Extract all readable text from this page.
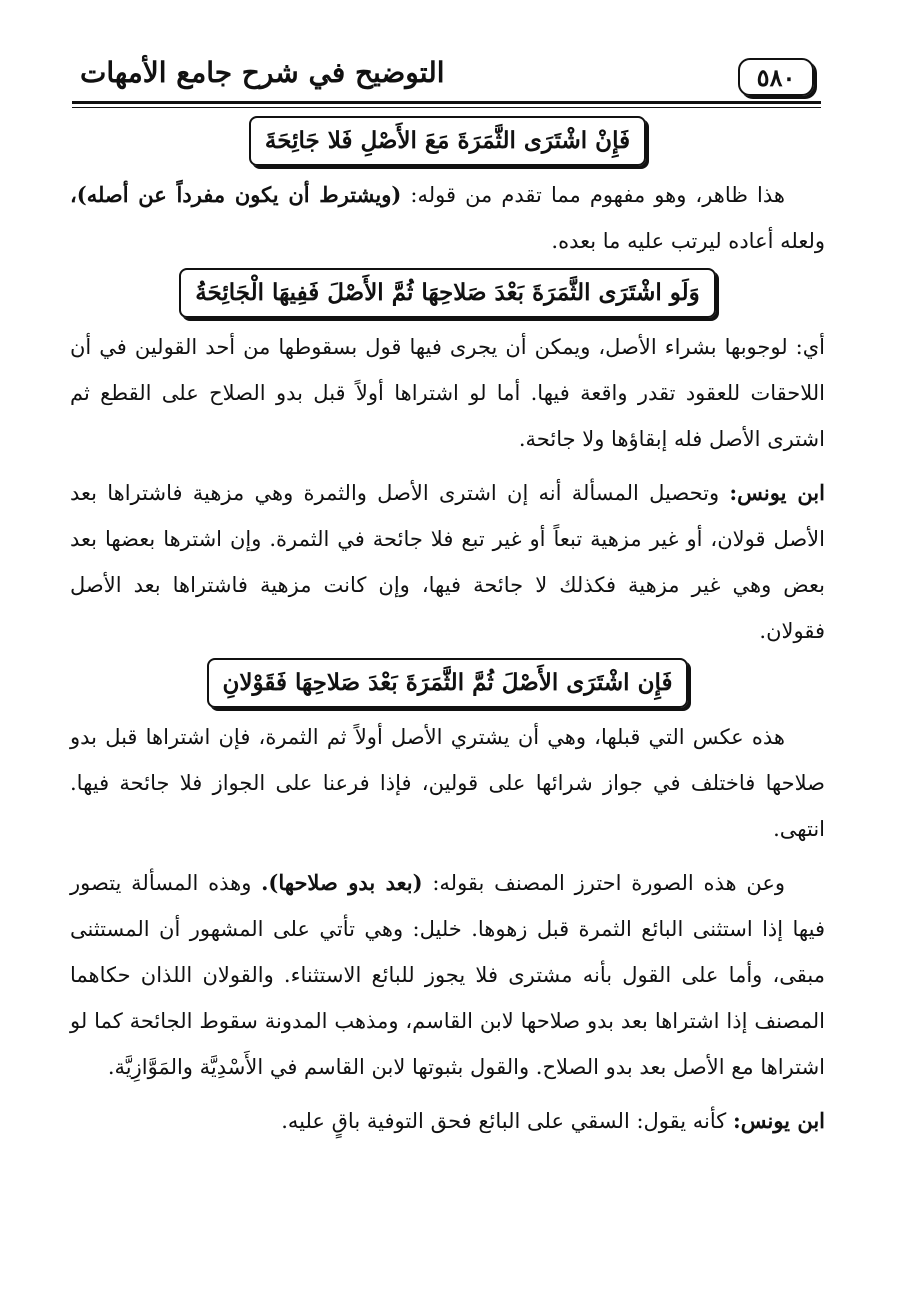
٥٨٠
التوضيح في شرح جامع الأمهات
فَإِنْ اشْتَرَى الثَّمَرَةَ مَعَ الأَصْلِ فَلا جَائِحَةَ

هذا ظاهر، وهو مفهوم مما تقدم من قوله: (ويشترط أن يكون مفرداً عن أصله)، ولعله أعاده ليرتب عليه ما بعده.

وَلَو اشْتَرَى الثَّمَرَةَ بَعْدَ صَلاحِهَا ثُمَّ الأَصْلَ فَفِيهَا الْجَائِحَةُ

أي: لوجوبها بشراء الأصل، ويمكن أن يجرى فيها قول بسقوطها من أحد القولين في أن اللاحقات للعقود تقدر واقعة فيها. أما لو اشتراها أولاً قبل بدو الصلاح على القطع ثم اشترى الأصل فله إبقاؤها ولا جائحة.

ابن يونس: وتحصيل المسألة أنه إن اشترى الأصل والثمرة وهي مزهية فاشتراها بعد الأصل قولان، أو غير مزهية تبعاً أو غير تبع فلا جائحة في الثمرة. وإن اشترها بعضها بعد بعض وهي غير مزهية فكذلك لا جائحة فيها، وإن كانت مزهية فاشتراها بعد الأصل فقولان.

فَإِن اشْتَرَى الأَصْلَ ثُمَّ الثَّمَرَةَ بَعْدَ صَلاحِهَا فَقَوْلانِ

هذه عكس التي قبلها، وهي أن يشتري الأصل أولاً ثم الثمرة، فإن اشتراها قبل بدو صلاحها فاختلف في جواز شرائها على قولين، فإذا فرعنا على الجواز فلا جائحة فيها. انتهى.

وعن هذه الصورة احترز المصنف بقوله: (بعد بدو صلاحها). وهذه المسألة يتصور فيها إذا استثنى البائع الثمرة قبل زهوها. خليل: وهي تأتي على المشهور أن المستثنى مبقى، وأما على القول بأنه مشترى فلا يجوز للبائع الاستثناء. والقولان اللذان حكاهما المصنف إذا اشتراها بعد بدو صلاحها لابن القاسم، ومذهب المدونة سقوط الجائحة كما لو اشتراها مع الأصل بعد بدو الصلاح. والقول بثبوتها لابن القاسم في الأَسْدِيَّة والمَوَّازِيَّة.

ابن يونس: كأنه يقول: السقي على البائع فحق التوفية باقٍ عليه.
